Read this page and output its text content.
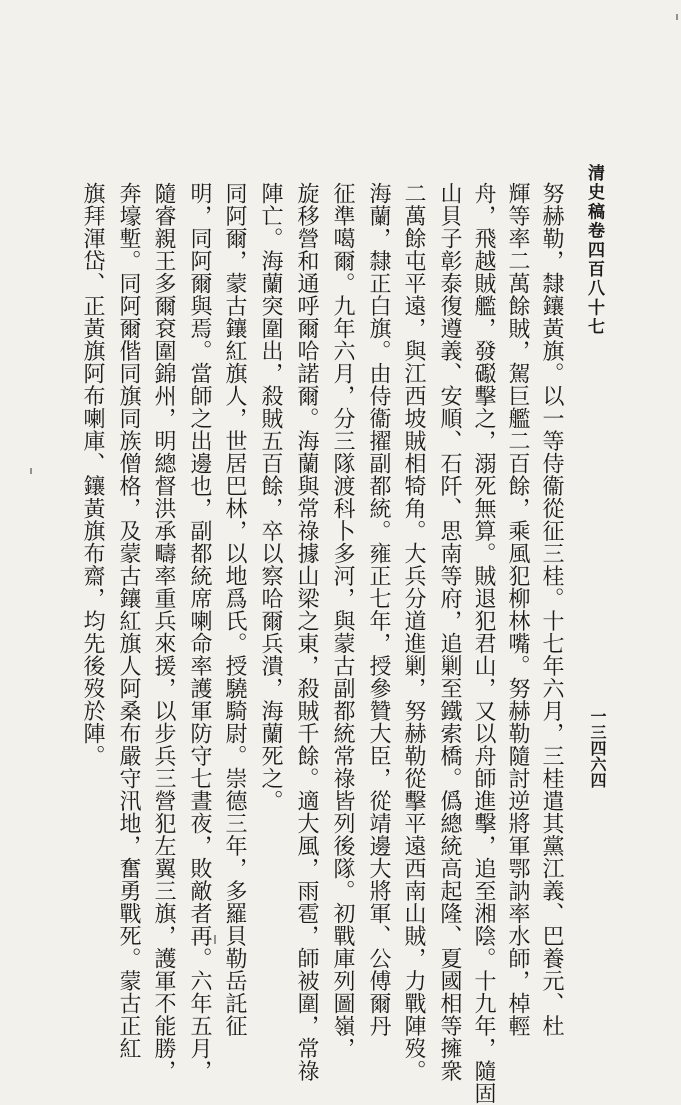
清史稿卷四百八十七
一三四六四
努赫勒，隸鑲黃旗。以一等侍衞從征三桂。十七年六月，三桂遣其黨江義、巴養元、杜
輝等率二萬餘賊，駕巨艦二百餘，乘風犯柳林嘴。努赫勒隨討逆將軍鄂訥率水師，棹輕
舟，飛越賊艦，發礟擊之，溺死無算。賊退犯君山，又以舟師進擊，追至湘陰。十九年，隨固
山貝子彰泰復遵義、安順、石阡、思南等府，追剿至鐵索橋。僞總統高起隆、夏國相等擁衆
二萬餘屯平遠，與江西坡賊相犄角。大兵分道進剿，努赫勒從擊平遠西南山賊，力戰陣歿。
海蘭，隸正白旗。由侍衞擢副都統。雍正七年，授參贊大臣，從靖邊大將軍、公傅爾丹
征準噶爾。九年六月，分三隊渡科卜多河，與蒙古副都統常祿皆列後隊。初戰庫列圖嶺，
旋移營和通呼爾哈諾爾。海蘭與常祿據山梁之東，殺賊千餘。適大風，雨雹，師被圍，常祿
陣亡。海蘭突圍出，殺賊五百餘，卒以察哈爾兵潰，海蘭死之。
同阿爾，蒙古鑲紅旗人，世居巴林，以地爲氏。授驍騎尉。崇德三年，多羅貝勒岳託征
明，同阿爾與焉。當師之出邊也，副都統席喇命率護軍防守七晝夜，敗敵者再。六年五月，
隨睿親王多爾袞圍錦州，明總督洪承疇率重兵來援，以步兵三營犯左翼三旗，護軍不能勝，
奔壕塹。同阿爾偕同旗同族僧格，及蒙古鑲紅旗人阿桑布嚴守汛地，奮勇戰死。蒙古正紅
旗拜渾岱、正黃旗阿布喇庫、鑲黃旗布齋，均先後歿於陣。
